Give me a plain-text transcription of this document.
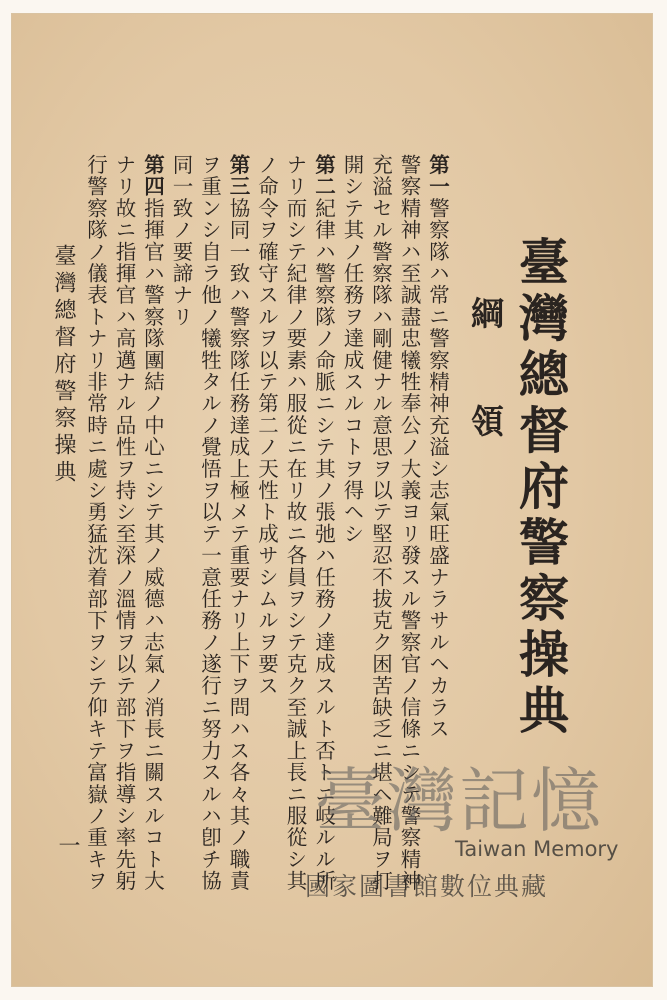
臺灣總督府警察操典
綱 領
第一警察隊ハ常ニ警察精神充溢シ志氣旺盛ナラサルヘカラス
警察精神ハ至誠盡忠犧牲奉公ノ大義ヨリ發スル警察官ノ信條ニシテ警察精神
充溢セル警察隊ハ剛健ナル意思ヲ以テ堅忍不拔克ク困苦缺乏ニ堪ヘ難局ヲ打
開シテ其ノ任務ヲ達成スルコトヲ得ヘシ
第二紀律ハ警察隊ノ命脈ニシテ其ノ張弛ハ任務ノ達成スルト否トニ岐ルル所
ナリ而シテ紀律ノ要素ハ服從ニ在リ故ニ各員ヲシテ克ク至誠上長ニ服從シ其
ノ命令ヲ確守スルヲ以テ第二ノ天性ト成サシムルヲ要ス
第三協同一致ハ警察隊任務達成上極メテ重要ナリ上下ヲ問ハス各々其ノ職責
ヲ重ンシ自ラ他ノ犧牲タルノ覺悟ヲ以テ一意任務ノ遂行ニ努力スルハ卽チ協
同一致ノ要諦ナリ
第四指揮官ハ警察隊團結ノ中心ニシテ其ノ威德ハ志氣ノ消長ニ關スルコト大
ナリ故ニ指揮官ハ高邁ナル品性ヲ持シ至深ノ溫情ヲ以テ部下ヲ指導シ率先躬
行警察隊ノ儀表トナリ非常時ニ處シ勇猛沈着部下ヲシテ仰キテ富嶽ノ重キヲ
臺灣總督府警察操典
一
臺灣記憶
Taiwan Memory
國家圖書館數位典藏
